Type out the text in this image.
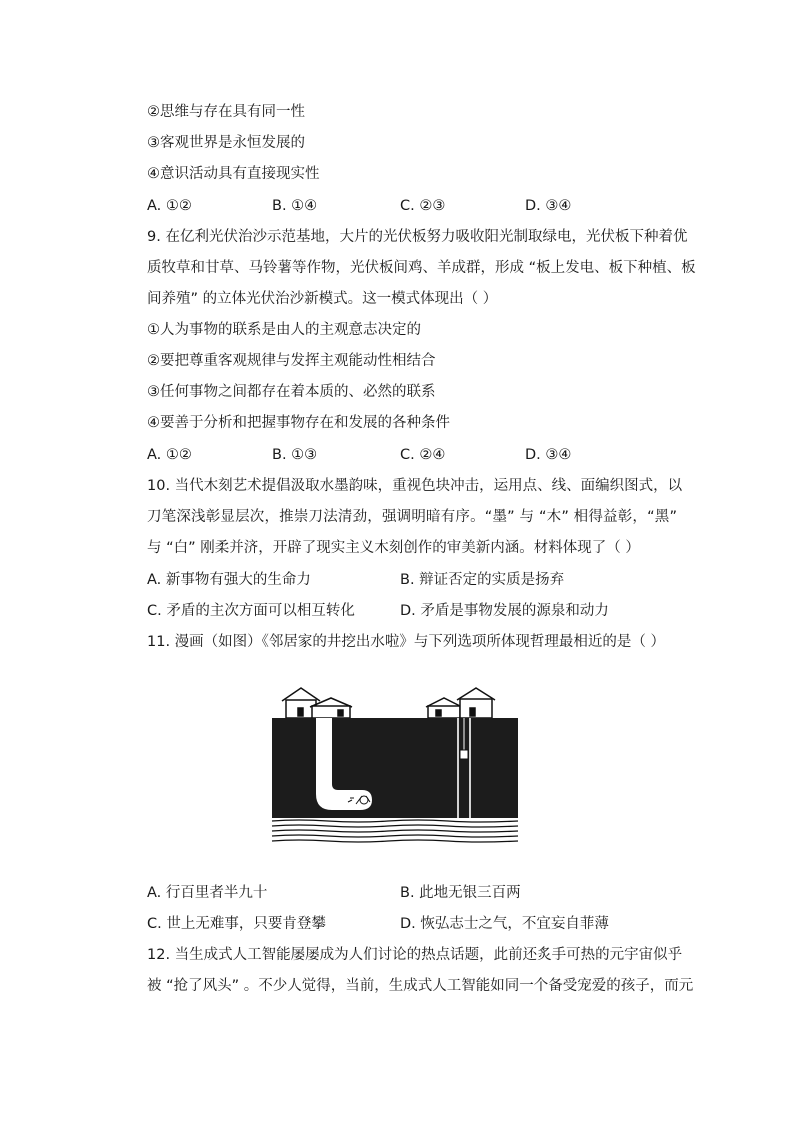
②思维与存在具有同一性
③客观世界是永恒发展的
④意识活动具有直接现实性
A. ①②	B. ①④	C. ②③	D. ③④
9. 在亿利光伏治沙示范基地，大片的光伏板努力吸收阳光制取绿电，光伏板下种着优
质牧草和甘草、马铃薯等作物，光伏板间鸡、羊成群，形成 “板上发电、板下种植、板
间养殖” 的立体光伏治沙新模式。这一模式体现出（ ）
①人为事物的联系是由人的主观意志决定的
②要把尊重客观规律与发挥主观能动性相结合
③任何事物之间都存在着本质的、必然的联系
④要善于分析和把握事物存在和发展的各种条件
A. ①②	B. ①③	C. ②④	D. ③④
10. 当代木刻艺术提倡汲取水墨韵味，重视色块冲击，运用点、线、面编织图式，以
刀笔深浅彰显层次，推崇刀法清劲，强调明暗有序。“墨” 与 “木” 相得益彰，“黑”
与 “白” 刚柔并济，开辟了现实主义木刻创作的审美新内涵。材料体现了（ ）
A. 新事物有强大的生命力	B. 辩证否定的实质是扬弃
C. 矛盾的主次方面可以相互转化	D. 矛盾是事物发展的源泉和动力
11. 漫画（如图）《邻居家的井挖出水啦》与下列选项所体现哲理最相近的是（ ）
A. 行百里者半九十	B. 此地无银三百两
C. 世上无难事，只要肯登攀	D. 恢弘志士之气，不宜妄自菲薄
12. 当生成式人工智能屡屡成为人们讨论的热点话题，此前还炙手可热的元宇宙似乎
被 “抢了风头” 。不少人觉得，当前，生成式人工智能如同一个备受宠爱的孩子，而元
